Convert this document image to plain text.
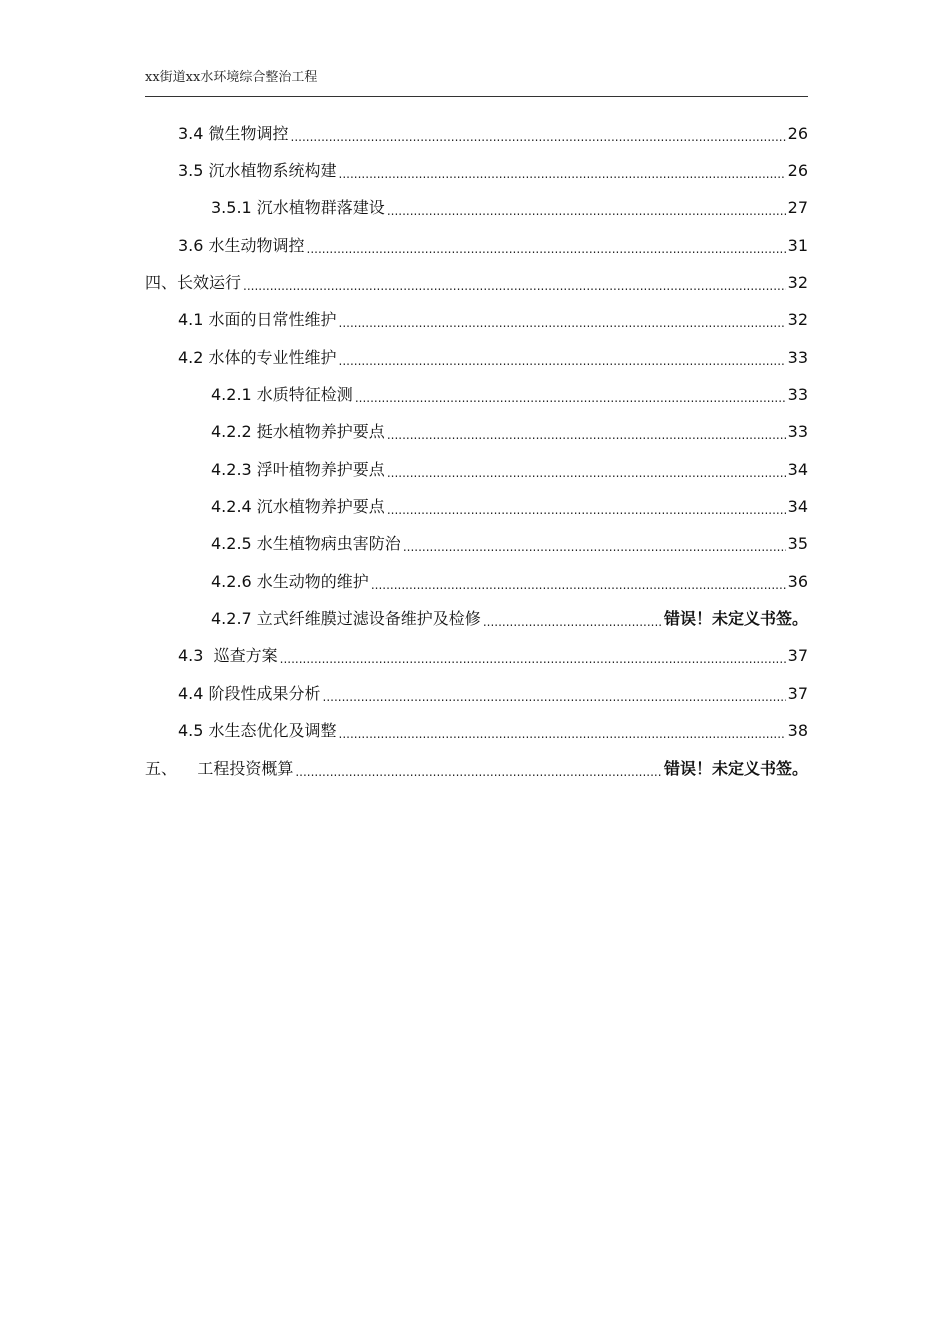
xx街道xx水环境综合整治工程
3.4 微生物调控 .....	26
3.5 沉水植物系统构建 .....	26
3.5.1 沉水植物群落建设 .....	27
3.6 水生动物调控 .....	31
四、长效运行 .....	32
4.1 水面的日常性维护 .....	32
4.2 水体的专业性维护 .....	33
4.2.1 水质特征检测 .....	33
4.2.2 挺水植物养护要点 .....	33
4.2.3 浮叶植物养护要点 .....	34
4.2.4 沉水植物养护要点 .....	34
4.2.5 水生植物病虫害防治 .....	35
4.2.6 水生动物的维护 .....	36
4.2.7 立式纤维膜过滤设备维护及检修 .....	错误！未定义书签。
4.3  巡查方案 .....	37
4.4 阶段性成果分析 .....	37
4.5 水生态优化及调整 .....	38
五、    工程投资概算 .....	错误！未定义书签。
